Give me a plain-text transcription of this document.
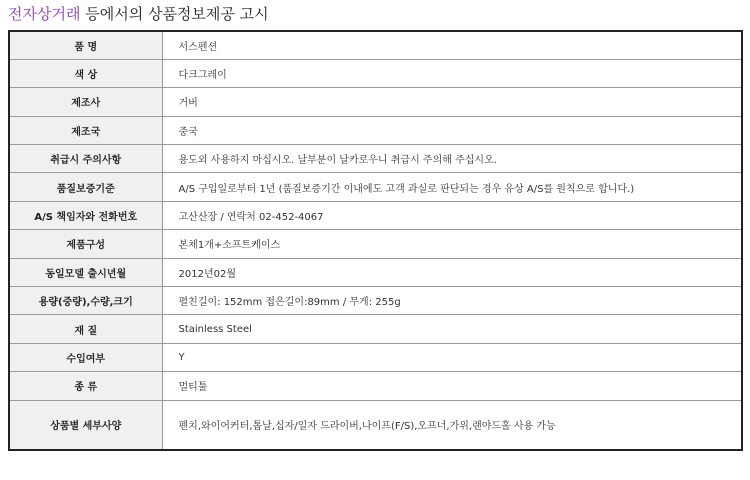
전자상거래 등에서의 상품정보제공 고시
품 명	서스펜션
색 상	다크그레이
제조사	거버
제조국	중국
취급시 주의사항	용도외 사용하지 마십시오. 날부분이 날카로우니 취급시 주의해 주십시오.
품질보증기준	A/S 구입일로부터 1년 (품질보증기간 이내에도 고객 과실로 판단되는 경우 유상 A/S를 원칙으로 합니다.)
A/S 책임자와 전화번호	고산산장 / 연락처 02-452-4067
제품구성	본체1개+소프트케이스
동일모델 출시년월	2012년02월
용량(중량),수량,크기	펼친길이: 152mm 접은길이:89mm / 무게: 255g
재 질	Stainless Steel
수입여부	Y
종 류	멀티툴
상품별 세부사양	펜치,와이어커터,톱날,십자/일자 드라이버,나이프(F/S),오프너,가위,랜야드홀 사용 가능
